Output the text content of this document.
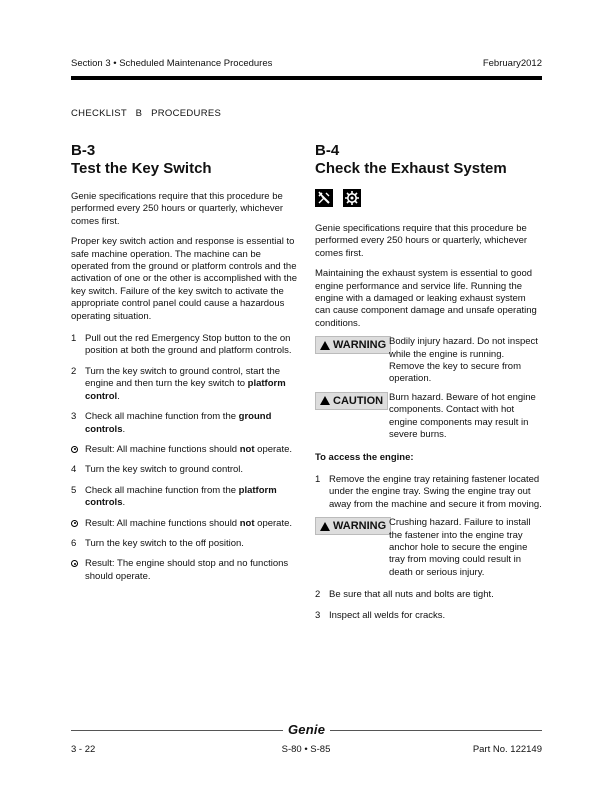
Section 3 • Scheduled Maintenance Procedures	February2012
CHECKLIST   B   PROCEDURES
B-3
Test the Key Switch
Genie specifications require that this procedure be performed every 250 hours or quarterly, whichever comes first.
Proper key switch action and response is essential to safe machine operation. The machine can be operated from the ground or platform controls and the activation of one or the other is accomplished with the key switch. Failure of the key switch to activate the appropriate control panel could cause a hazardous operating situation.
1 Pull out the red Emergency Stop button to the on position at both the ground and platform controls.
2 Turn the key switch to ground control, start the engine and then turn the key switch to platform control.
3 Check all machine function from the ground controls.
Result: All machine functions should not operate.
4 Turn the key switch to ground control.
5 Check all machine function from the platform controls.
Result: All machine functions should not operate.
6 Turn the key switch to the off position.
Result: The engine should stop and no functions should operate.
B-4
Check the Exhaust System
Genie specifications require that this procedure be performed every 250 hours or quarterly, whichever comes first.
Maintaining the exhaust system is essential to good engine performance and service life. Running the engine with a damaged or leaking exhaust system can cause component damage and unsafe operating conditions.
WARNING Bodily injury hazard. Do not inspect while the engine is running. Remove the key to secure from operation.
CAUTION Burn hazard. Beware of hot engine components. Contact with hot engine components may result in severe burns.
To access the engine:
1 Remove the engine tray retaining fastener located under the engine tray. Swing the engine tray out away from the machine and secure it from moving.
WARNING Crushing hazard. Failure to install the fastener into the engine tray anchor hole to secure the engine tray from moving could result in death or serious injury.
2 Be sure that all nuts and bolts are tight.
3 Inspect all welds for cracks.
Genie
3 - 22	S-80 • S-85	Part No. 122149
